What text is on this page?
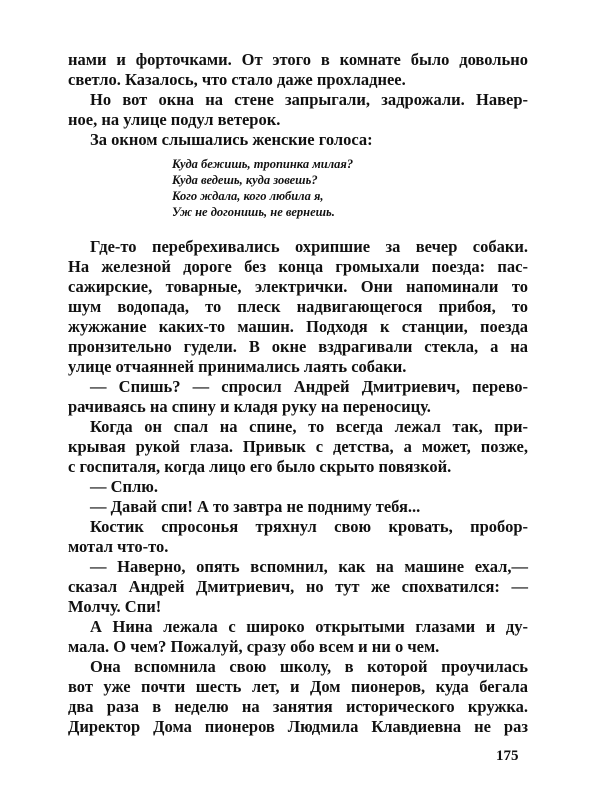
нами и форточками. От этого в комнате было довольно
светло. Казалось, что стало даже прохладнее.
Но вот окна на стене запрыгали, задрожали. Навер-
ное, на улице подул ветерок.
За окном слышались женские голоса:
Куда бежишь, тропинка милая?
Куда ведешь, куда зовешь?
Кого ждала, кого любила я,
Уж не догонишь, не вернешь.
Где-то перебрехивались охрипшие за вечер собаки.
На железной дороге без конца громыхали поезда: пас-
сажирские, товарные, электрички. Они напоминали то
шум водопада, то плеск надвигающегося прибоя, то
жужжание каких-то машин. Подходя к станции, поезда
пронзительно гудели. В окне вздрагивали стекла, а на
улице отчаянней принимались лаять собаки.
— Спишь? — спросил Андрей Дмитриевич, перево-
рачиваясь на спину и кладя руку на переносицу.
Когда он спал на спине, то всегда лежал так, при-
крывая рукой глаза. Привык с детства, а может, позже,
с госпиталя, когда лицо его было скрыто повязкой.
— Сплю.
— Давай спи! А то завтра не подниму тебя...
Костик спросонья тряхнул свою кровать, пробор-
мотал что-то.
— Наверно, опять вспомнил, как на машине ехал,—
сказал Андрей Дмитриевич, но тут же спохватился: —
Молчу. Спи!
А Нина лежала с широко открытыми глазами и ду-
мала. О чем? Пожалуй, сразу обо всем и ни о чем.
Она вспомнила свою школу, в которой проучилась
вот уже почти шесть лет, и Дом пионеров, куда бегала
два раза в неделю на занятия исторического кружка.
Директор Дома пионеров Людмила Клавдиевна не раз
175
